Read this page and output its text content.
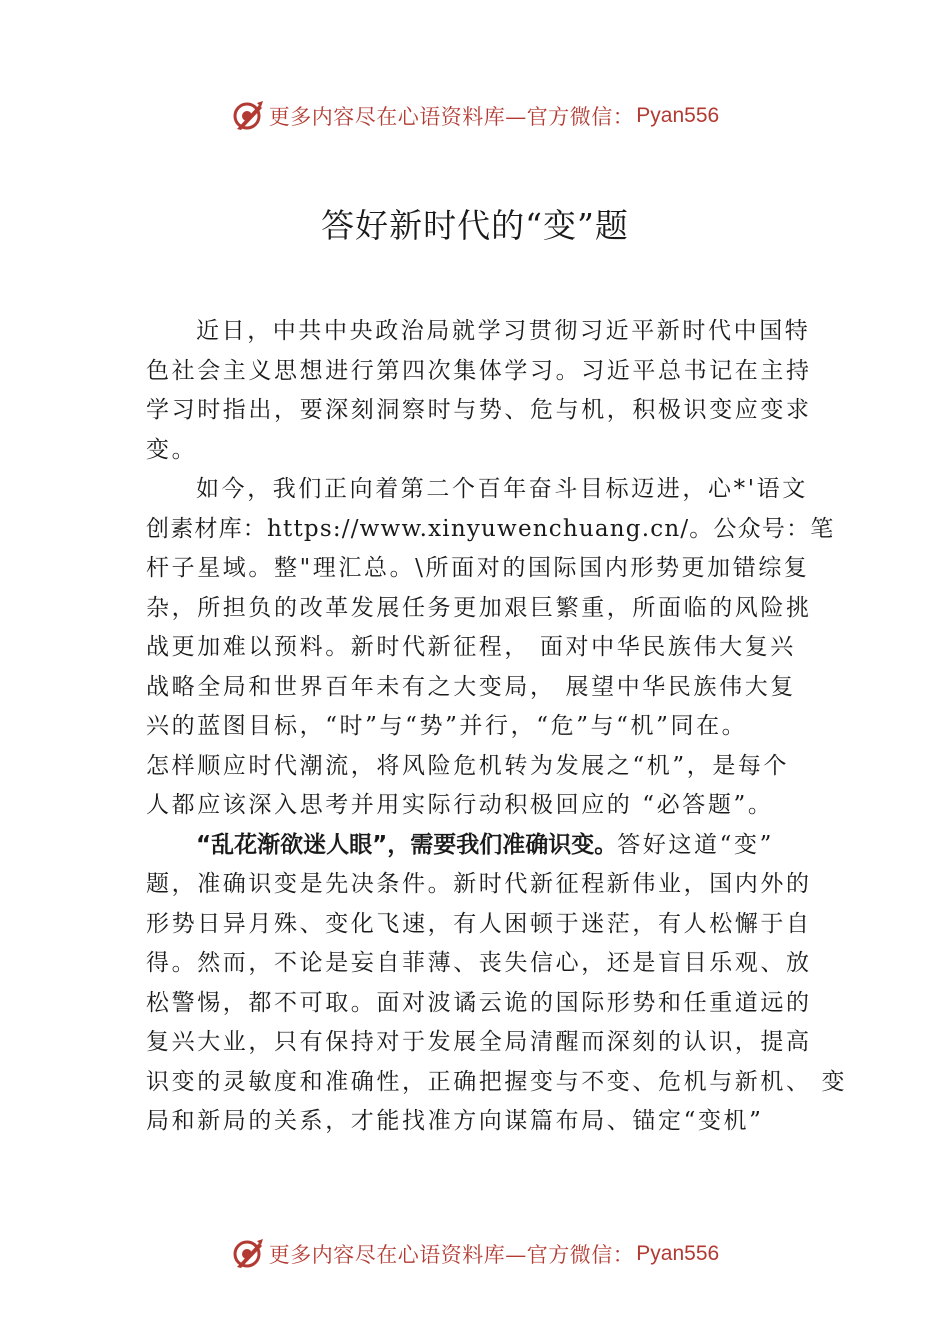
更多内容尽在心语资料库—官方微信： Pyan556
答好新时代的“变”题
近日，中共中央政治局就学习贯彻习近平新时代中国特
色社会主义思想进行第四次集体学习。习近平总书记在主持
学习时指出，要深刻洞察时与势、危与机，积极识变应变求
变。
如今，我们正向着第二个百年奋斗目标迈进，心*'语文
创素材库：https://www.xinyuwenchuang.cn/。公众号：笔
杆子星域。整"理汇总。\所面对的国际国内形势更加错综复
杂，所担负的改革发展任务更加艰巨繁重，所面临的风险挑
战更加难以预料。新时代新征程， 面对中华民族伟大复兴
战略全局和世界百年未有之大变局， 展望中华民族伟大复
兴的蓝图目标，“时”与“势”并行，“危”与“机”同在。
怎样顺应时代潮流，将风险危机转为发展之“机”，是每个
人都应该深入思考并用实际行动积极回应的 “必答题”。
“乱花渐欲迷人眼”，需要我们准确识变。答好这道“变”
题，准确识变是先决条件。新时代新征程新伟业，国内外的
形势日异月殊、变化飞速，有人困顿于迷茫，有人松懈于自
得。然而，不论是妄自菲薄、丧失信心，还是盲目乐观、放
松警惕，都不可取。面对波谲云诡的国际形势和任重道远的
复兴大业，只有保持对于发展全局清醒而深刻的认识，提高
识变的灵敏度和准确性，正确把握变与不变、危机与新机、 变
局和新局的关系，才能找准方向谋篇布局、锚定“变机”
更多内容尽在心语资料库—官方微信： Pyan556
